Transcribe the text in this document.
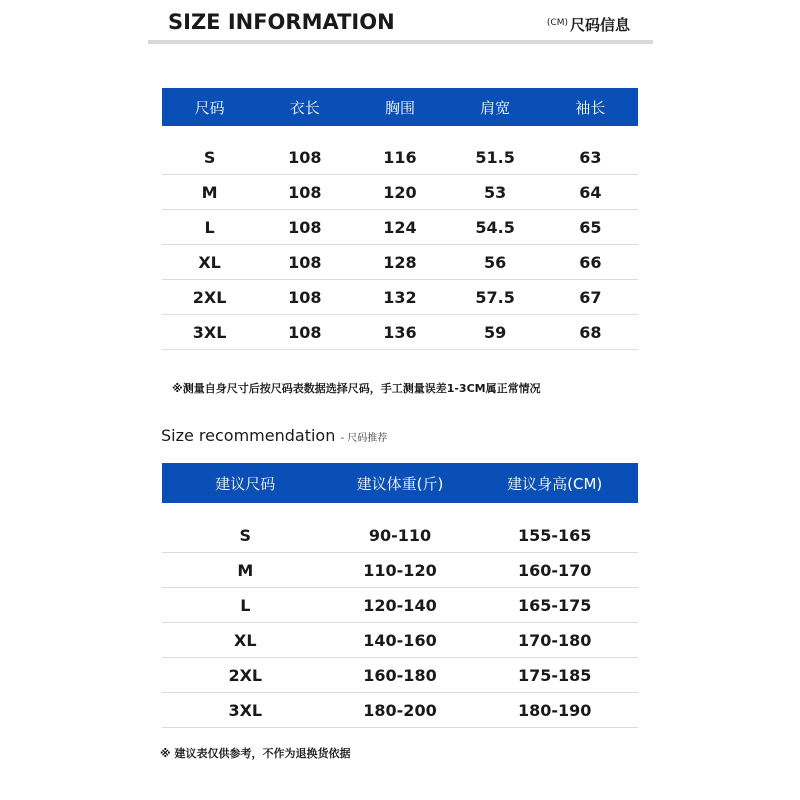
SIZE INFORMATION	$^{(CM)}$ 尺码信息
尺码	衣长	胸围	肩宽	袖长

S	108	116	51.5	63
M	108	120	53	64
L	108	124	54.5	65
XL	108	128	56	66
2XL	108	132	57.5	67
3XL	108	136	59	68
※测量自身尺寸后按尺码表数据选择尺码，手工测量误差1-3CM属正常情况
Size recommendation - 尺码推荐
建议尺码	建议体重(斤)	建议身高(CM)

S	90-110	155-165
M	110-120	160-170
L	120-140	165-175
XL	140-160	170-180
2XL	160-180	175-185
3XL	180-200	180-190
※ 建议表仅供参考，不作为退换货依据
